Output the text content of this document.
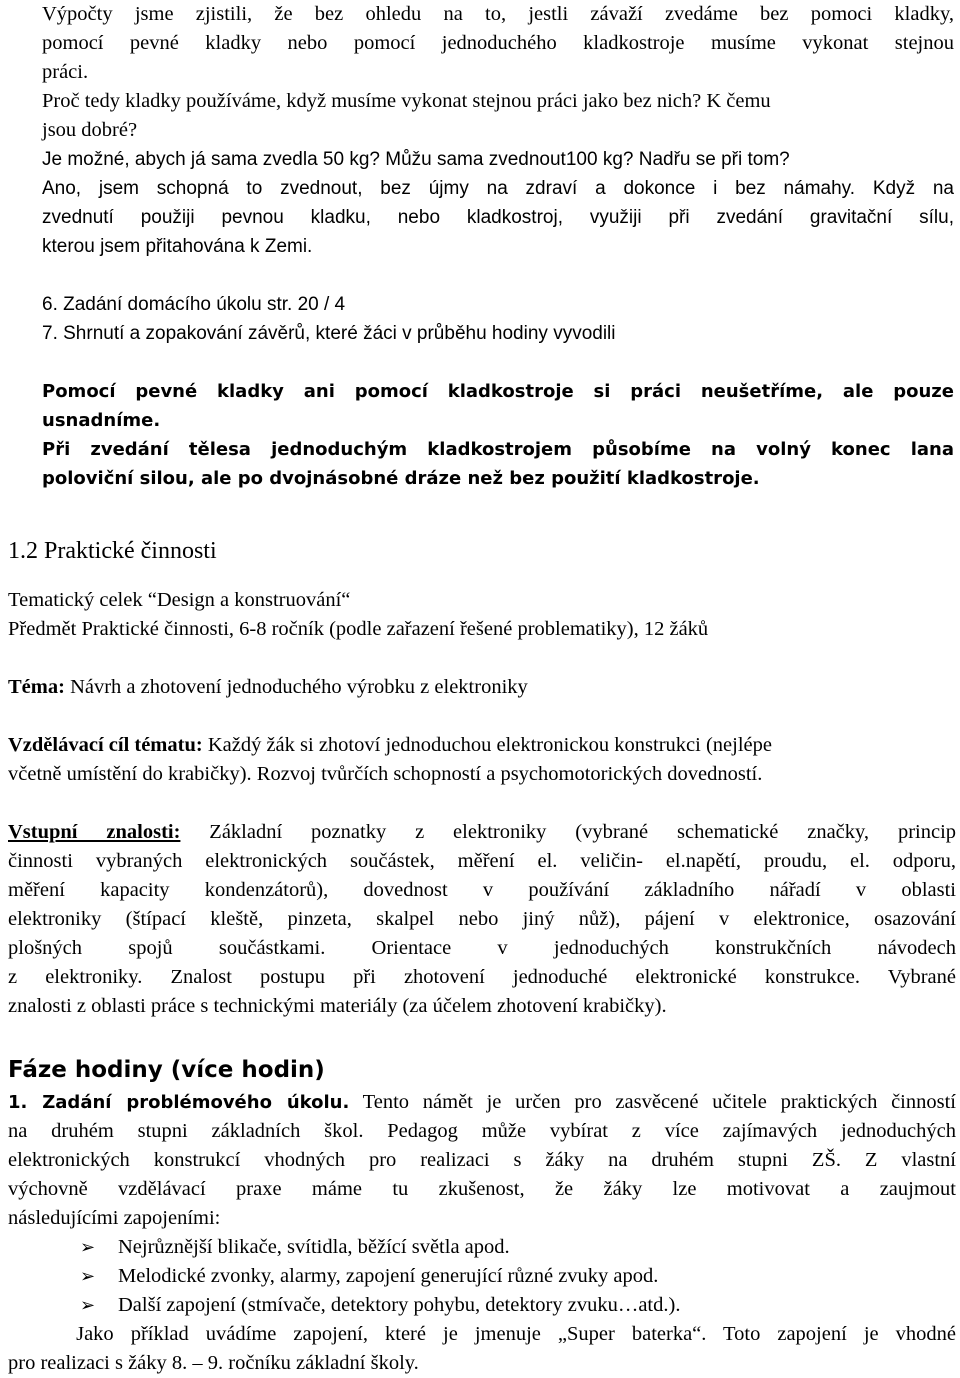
Výpočty jsme zjistili, že bez ohledu na to, jestli závaží zvedáme bez pomoci kladky,
pomocí pevné kladky nebo pomocí jednoduchého kladkostroje musíme vykonat stejnou
práci.
Proč tedy kladky používáme, když musíme vykonat stejnou práci jako bez nich? K čemu
jsou dobré?
Je možné, abych já sama zvedla 50 kg? Můžu sama zvednout100 kg? Nadřu se při tom?
Ano, jsem schopná to zvednout, bez újmy na zdraví a dokonce i bez námahy. Když na
zvednutí použiji pevnou kladku, nebo kladkostroj, využiji při zvedání gravitační sílu,
kterou jsem přitahována k Zemi.
6. Zadání domácího úkolu str. 20 / 4
7. Shrnutí a zopakování závěrů, které žáci v průběhu hodiny vyvodili
Pomocí pevné kladky ani pomocí kladkostroje si práci neušetříme, ale pouze
usnadníme.
Při zvedání tělesa jednoduchým kladkostrojem působíme na volný konec lana
poloviční silou, ale po dvojnásobné dráze než bez použití kladkostroje.
1.2 Praktické činnosti
Tematický celek “Design a konstruování“
Předmět Praktické činnosti, 6-8 ročník (podle zařazení řešené problematiky), 12 žáků
Téma: Návrh a zhotovení jednoduchého výrobku z elektroniky
Vzdělávací cíl tématu: Každý žák si zhotoví jednoduchou elektronickou konstrukci (nejlépe
včetně umístění do krabičky). Rozvoj tvůrčích schopností a psychomotorických dovedností.
Vstupní znalosti: Základní poznatky z elektroniky (vybrané schematické značky, princip
činnosti vybraných elektronických součástek, měření el. veličin- el.napětí, proudu, el. odporu,
měření kapacity kondenzátorů), dovednost v používání základního nářadí v oblasti
elektroniky (štípací kleště, pinzeta, skalpel nebo jiný nůž), pájení v elektronice, osazování
plošných spojů součástkami. Orientace v jednoduchých konstrukčních návodech
z elektroniky. Znalost postupu při zhotovení jednoduché elektronické konstrukce. Vybrané
znalosti z oblasti práce s technickými materiály (za účelem zhotovení krabičky).
Fáze hodiny (více hodin)
1. Zadání problémového úkolu. Tento námět je určen pro zasvěcené učitele praktických činností
na druhém stupni základních škol. Pedagog může vybírat z více zajímavých jednoduchých
elektronických konstrukcí vhodných pro realizaci s žáky na druhém stupni ZŠ. Z vlastní
výchovně vzdělávací praxe máme tu zkušenost, že žáky lze motivovat a zaujmout
následujícími zapojeními:
➢ Nejrůznější blikače, svítidla, běžící světla apod.
➢ Melodické zvonky, alarmy, zapojení generující různé zvuky apod.
➢ Další zapojení (stmívače, detektory pohybu, detektory zvuku…atd.).
Jako příklad uvádíme zapojení, které je jmenuje „Super baterka“. Toto zapojení je vhodné
pro realizaci s žáky 8. – 9. ročníku základní školy.
